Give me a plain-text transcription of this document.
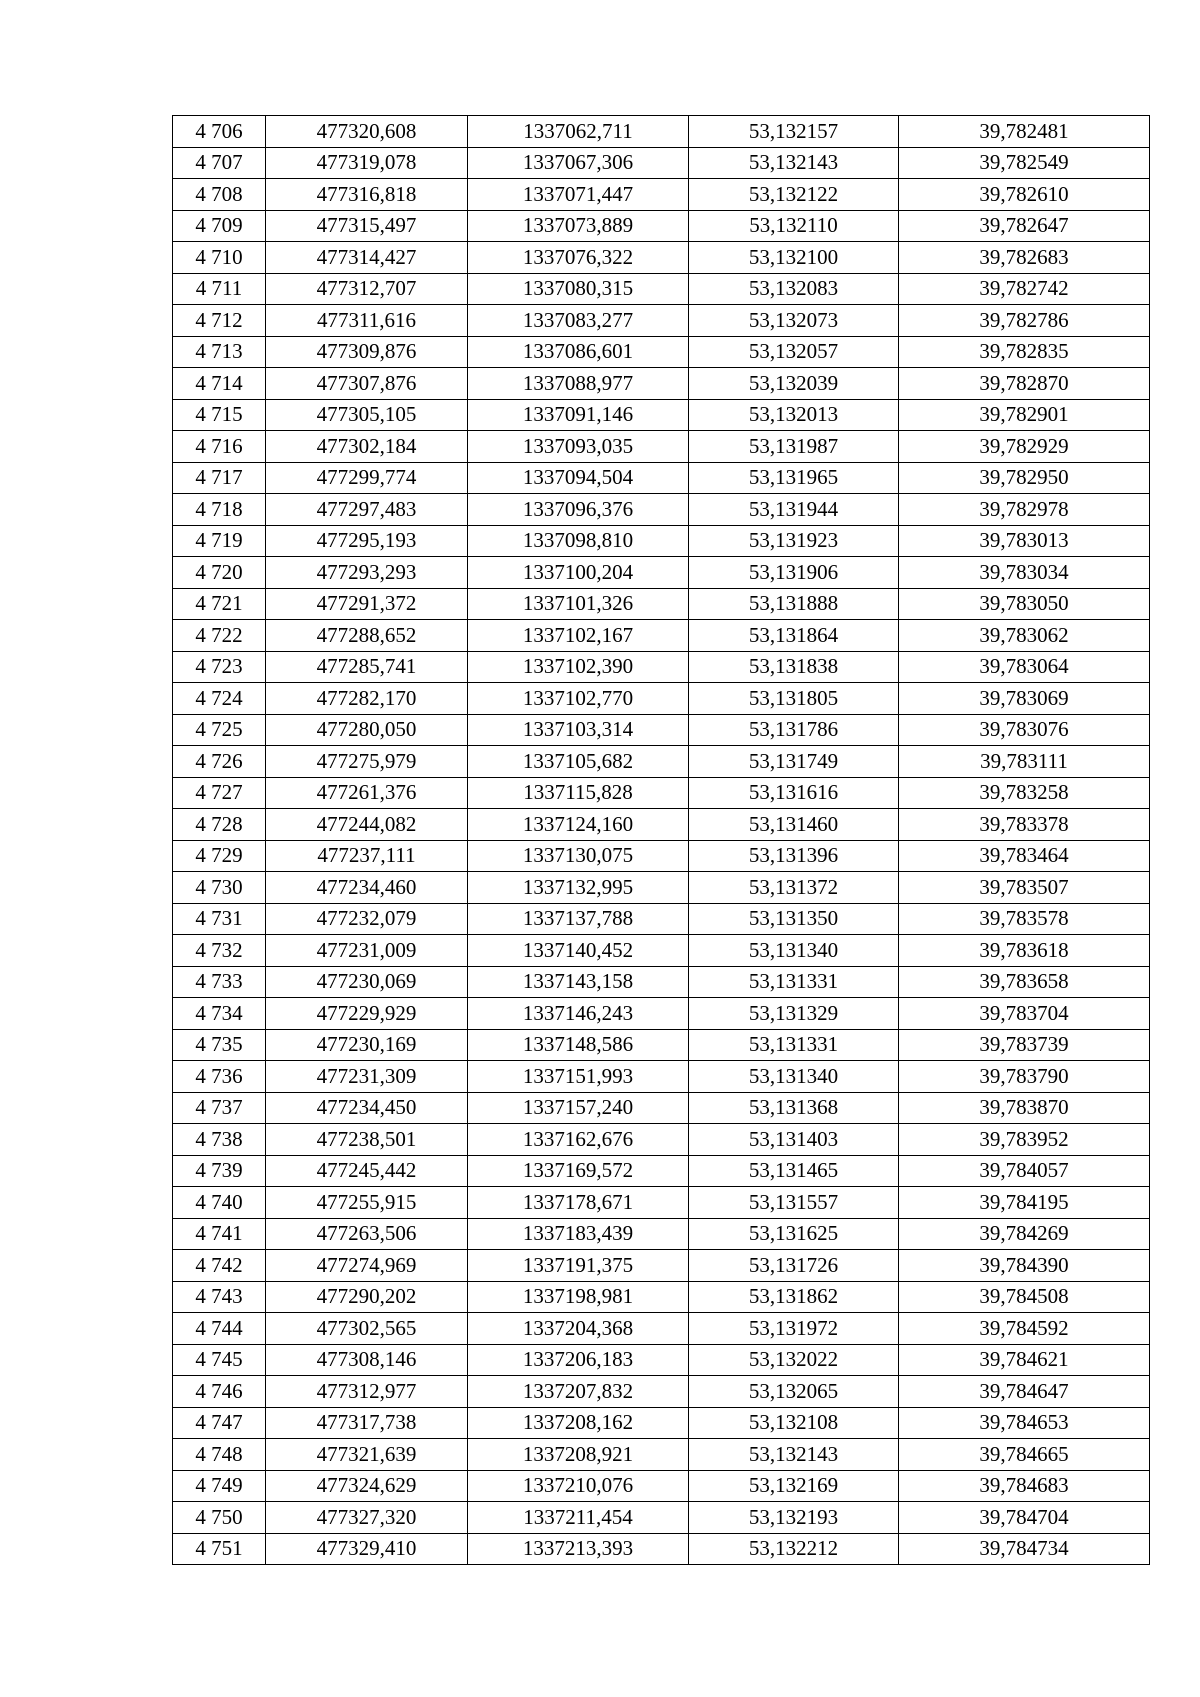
4 706	477320,608	1337062,711	53,132157	39,782481
4 707	477319,078	1337067,306	53,132143	39,782549
4 708	477316,818	1337071,447	53,132122	39,782610
4 709	477315,497	1337073,889	53,132110	39,782647
4 710	477314,427	1337076,322	53,132100	39,782683
4 711	477312,707	1337080,315	53,132083	39,782742
4 712	477311,616	1337083,277	53,132073	39,782786
4 713	477309,876	1337086,601	53,132057	39,782835
4 714	477307,876	1337088,977	53,132039	39,782870
4 715	477305,105	1337091,146	53,132013	39,782901
4 716	477302,184	1337093,035	53,131987	39,782929
4 717	477299,774	1337094,504	53,131965	39,782950
4 718	477297,483	1337096,376	53,131944	39,782978
4 719	477295,193	1337098,810	53,131923	39,783013
4 720	477293,293	1337100,204	53,131906	39,783034
4 721	477291,372	1337101,326	53,131888	39,783050
4 722	477288,652	1337102,167	53,131864	39,783062
4 723	477285,741	1337102,390	53,131838	39,783064
4 724	477282,170	1337102,770	53,131805	39,783069
4 725	477280,050	1337103,314	53,131786	39,783076
4 726	477275,979	1337105,682	53,131749	39,783111
4 727	477261,376	1337115,828	53,131616	39,783258
4 728	477244,082	1337124,160	53,131460	39,783378
4 729	477237,111	1337130,075	53,131396	39,783464
4 730	477234,460	1337132,995	53,131372	39,783507
4 731	477232,079	1337137,788	53,131350	39,783578
4 732	477231,009	1337140,452	53,131340	39,783618
4 733	477230,069	1337143,158	53,131331	39,783658
4 734	477229,929	1337146,243	53,131329	39,783704
4 735	477230,169	1337148,586	53,131331	39,783739
4 736	477231,309	1337151,993	53,131340	39,783790
4 737	477234,450	1337157,240	53,131368	39,783870
4 738	477238,501	1337162,676	53,131403	39,783952
4 739	477245,442	1337169,572	53,131465	39,784057
4 740	477255,915	1337178,671	53,131557	39,784195
4 741	477263,506	1337183,439	53,131625	39,784269
4 742	477274,969	1337191,375	53,131726	39,784390
4 743	477290,202	1337198,981	53,131862	39,784508
4 744	477302,565	1337204,368	53,131972	39,784592
4 745	477308,146	1337206,183	53,132022	39,784621
4 746	477312,977	1337207,832	53,132065	39,784647
4 747	477317,738	1337208,162	53,132108	39,784653
4 748	477321,639	1337208,921	53,132143	39,784665
4 749	477324,629	1337210,076	53,132169	39,784683
4 750	477327,320	1337211,454	53,132193	39,784704
4 751	477329,410	1337213,393	53,132212	39,784734
